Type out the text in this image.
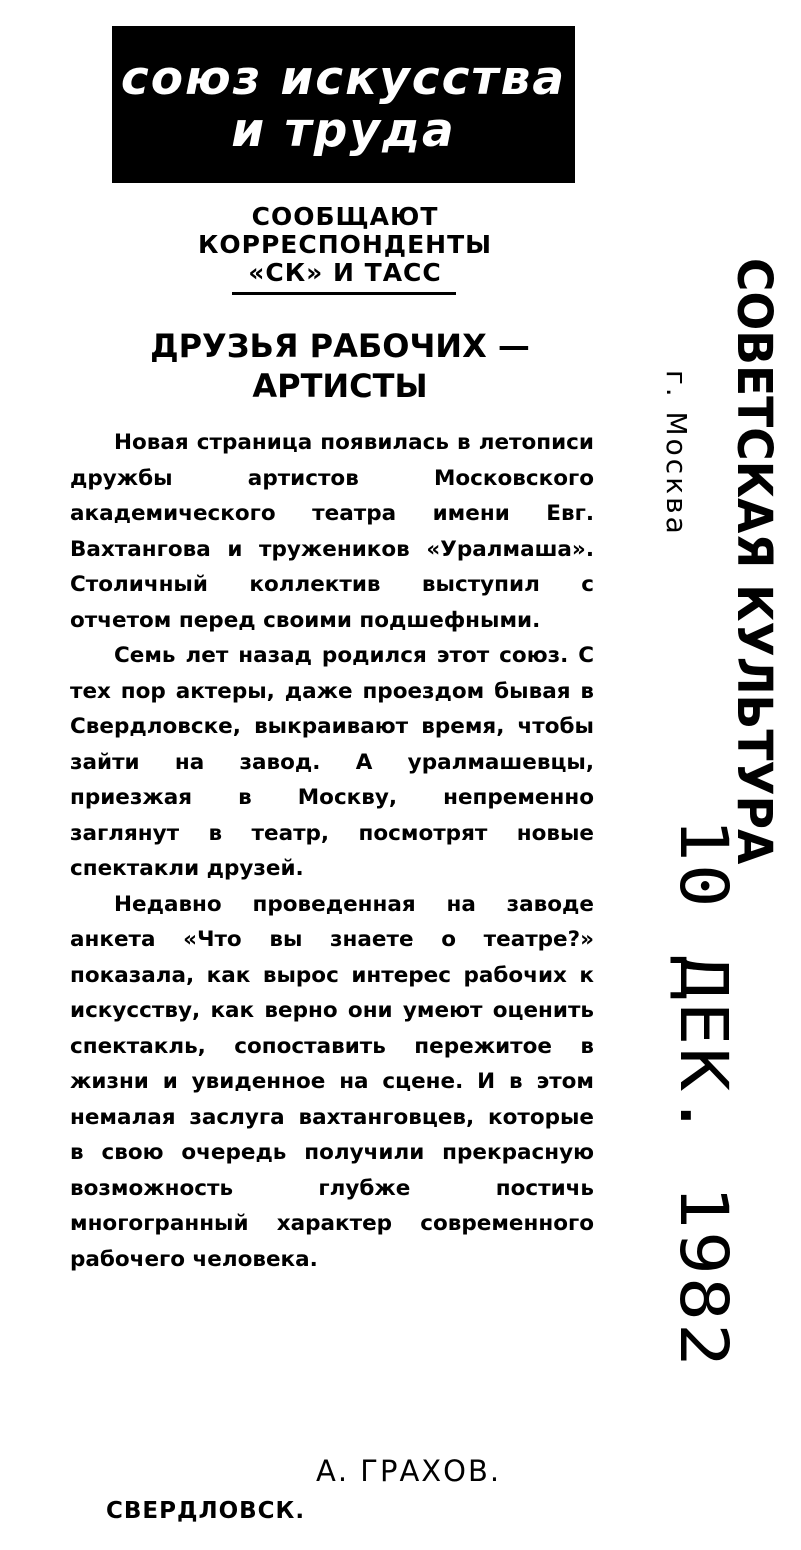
союз искусства
и труда
СООБЩАЮТ
КОРРЕСПОНДЕНТЫ
«СК» И ТАСС
ДРУЗЬЯ РАБОЧИХ —
АРТИСТЫ

Новая страница появилась в летописи дружбы артистов Московского академического театра имени Евг. Вахтангова и тружеников «Уралмаша». Столичный коллектив выступил с отчетом перед своими подшефными.

Семь лет назад родился этот союз. С тех пор актеры, даже проездом бывая в Свердловске, выкраивают время, чтобы зайти на завод. А уралмашевцы, приезжая в Москву, непременно заглянут в театр, посмотрят новые спектакли друзей.

Недавно проведенная на заводе анкета «Что вы знаете о театре?» показала, как вырос интерес рабочих к искусству, как верно они умеют оценить спектакль, сопоставить пережитое в жизни и увиденное на сцене. И в этом немалая заслуга вахтанговцев, которые в свою очередь получили прекрасную возможность глубже постичь многогранный характер современного рабочего человека.

А. ГРАХОВ.
СВЕРДЛОВСК.
СОВЕТСКАЯ КУЛЬТУРА
г. Москва
10 ДЕК. 1982
